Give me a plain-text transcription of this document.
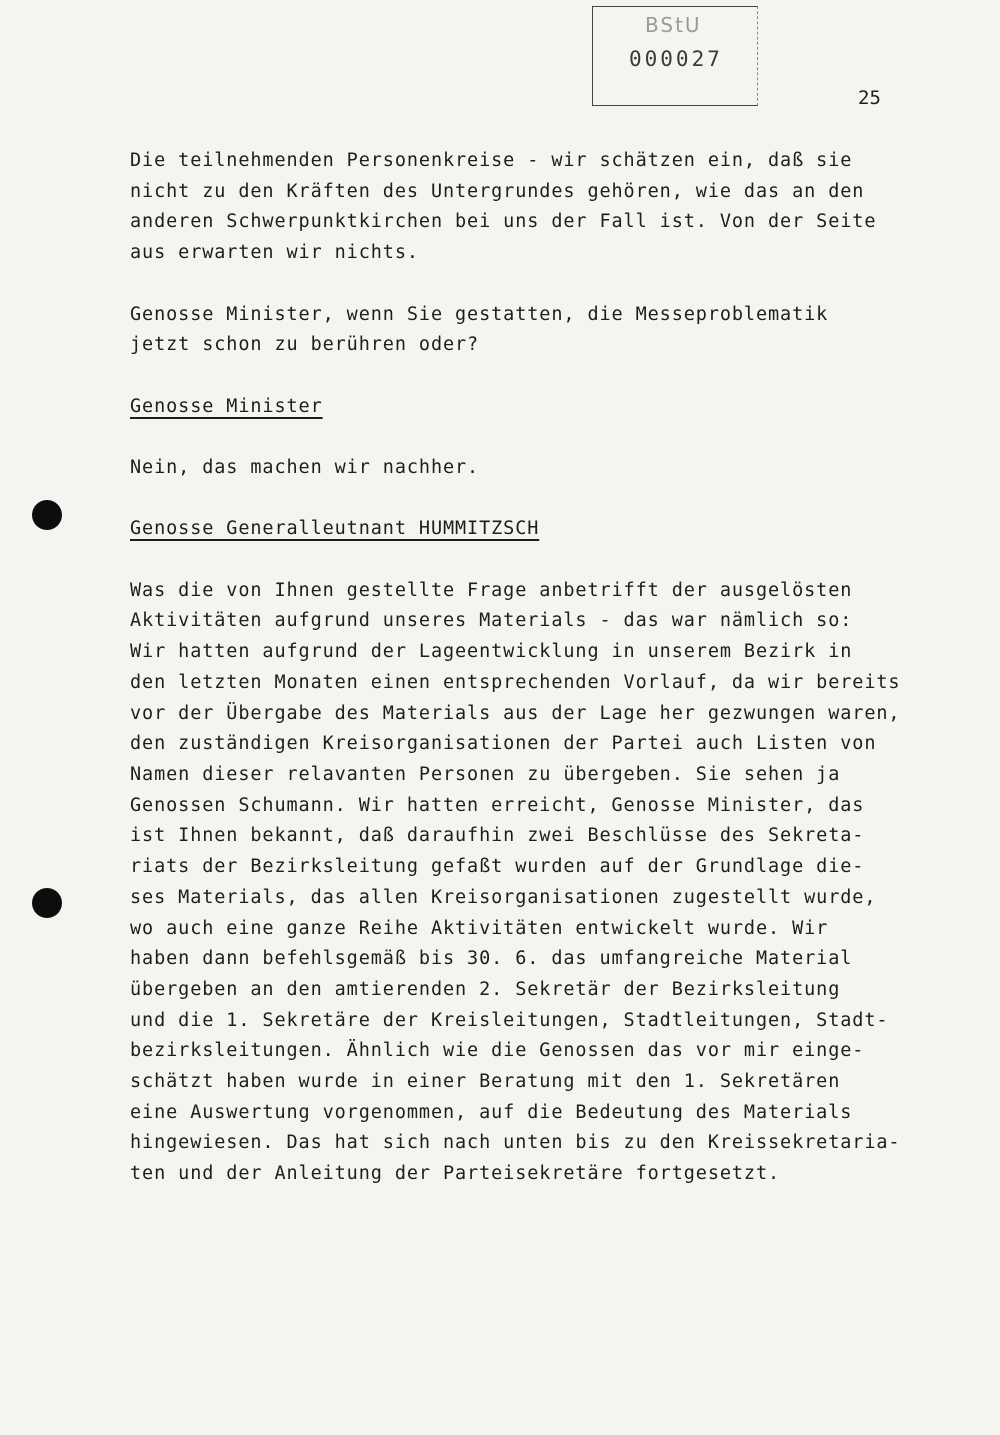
BStU
000027
25
Die teilnehmenden Personenkreise - wir schätzen ein, daß sie
nicht zu den Kräften des Untergrundes gehören, wie das an den
anderen Schwerpunktkirchen bei uns der Fall ist. Von der Seite
aus erwarten wir nichts.
Genosse Minister, wenn Sie gestatten, die Messeproblematik
jetzt schon zu berühren oder?
Genosse Minister
Nein, das machen wir nachher.
Genosse Generalleutnant HUMMITZSCH
Was die von Ihnen gestellte Frage anbetrifft der ausgelösten
Aktivitäten aufgrund unseres Materials - das war nämlich so:
Wir hatten aufgrund der Lageentwicklung in unserem Bezirk in
den letzten Monaten einen entsprechenden Vorlauf, da wir bereits
vor der Übergabe des Materials aus der Lage her gezwungen waren,
den zuständigen Kreisorganisationen der Partei auch Listen von
Namen dieser relavanten Personen zu übergeben. Sie sehen ja
Genossen Schumann. Wir hatten erreicht, Genosse Minister, das
ist Ihnen bekannt, daß daraufhin zwei Beschlüsse des Sekreta-
riats der Bezirksleitung gefaßt wurden auf der Grundlage die-
ses Materials, das allen Kreisorganisationen zugestellt wurde,
wo auch eine ganze Reihe Aktivitäten entwickelt wurde. Wir
haben dann befehlsgemäß bis 30. 6. das umfangreiche Material
übergeben an den amtierenden 2. Sekretär der Bezirksleitung
und die 1. Sekretäre der Kreisleitungen, Stadtleitungen, Stadt-
bezirksleitungen. Ähnlich wie die Genossen das vor mir einge-
schätzt haben wurde in einer Beratung mit den 1. Sekretären
eine Auswertung vorgenommen, auf die Bedeutung des Materials
hingewiesen. Das hat sich nach unten bis zu den Kreissekretaria-
ten und der Anleitung der Parteisekretäre fortgesetzt.
